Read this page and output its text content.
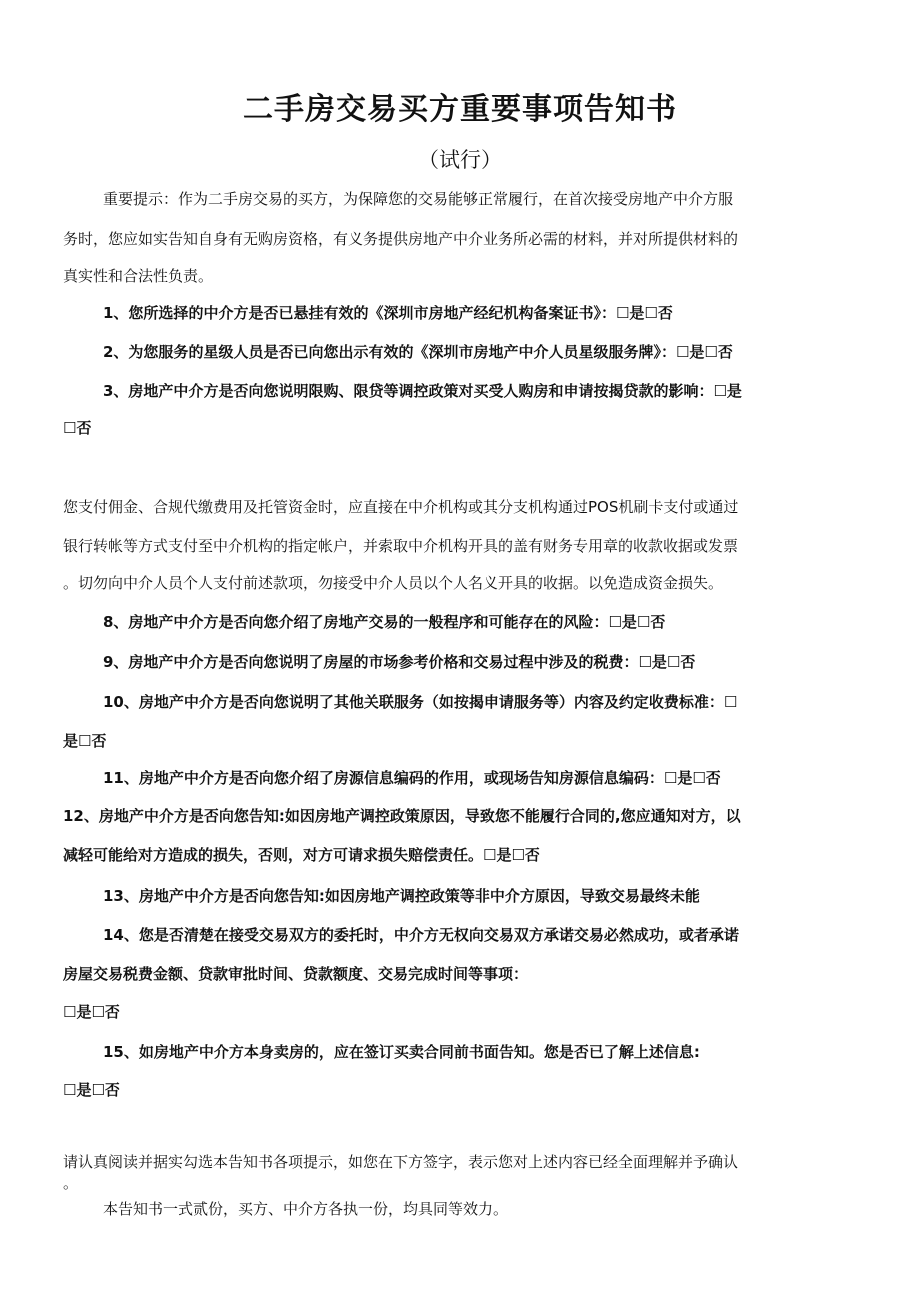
二手房交易买方重要事项告知书
（试行）
重要提示：作为二手房交易的买方，为保障您的交易能够正常履行，在首次接受房地产中介方服
务时，您应如实告知自身有无购房资格，有义务提供房地产中介业务所必需的材料，并对所提供材料的
真实性和合法性负责。
1、您所选择的中介方是否已悬挂有效的《深圳市房地产经纪机构备案证书》：☐是☐否
2、为您服务的星级人员是否已向您出示有效的《深圳市房地产中介人员星级服务牌》：☐是☐否
3、房地产中介方是否向您说明限购、限贷等调控政策对买受人购房和申请按揭贷款的影响：☐是
☐否
您支付佣金、合规代缴费用及托管资金时，应直接在中介机构或其分支机构通过POS机刷卡支付或通过
银行转帐等方式支付至中介机构的指定帐户，并索取中介机构开具的盖有财务专用章的收款收据或发票
。切勿向中介人员个人支付前述款项，勿接受中介人员以个人名义开具的收据。以免造成资金损失。
8、房地产中介方是否向您介绍了房地产交易的一般程序和可能存在的风险：☐是☐否
9、房地产中介方是否向您说明了房屋的市场参考价格和交易过程中涉及的税费：☐是☐否
10、房地产中介方是否向您说明了其他关联服务（如按揭申请服务等）内容及约定收费标准：☐
是☐否
11、房地产中介方是否向您介绍了房源信息编码的作用，或现场告知房源信息编码：☐是☐否
12、房地产中介方是否向您告知:如因房地产调控政策原因，导致您不能履行合同的,您应通知对方，以
减轻可能给对方造成的损失，否则，对方可请求损失赔偿责任。☐是☐否
13、房地产中介方是否向您告知:如因房地产调控政策等非中介方原因，导致交易最终未能
14、您是否清楚在接受交易双方的委托时，中介方无权向交易双方承诺交易必然成功，或者承诺
房屋交易税费金额、贷款审批时间、贷款额度、交易完成时间等事项：
☐是☐否
15、如房地产中介方本身卖房的，应在签订买卖合同前书面告知。您是否已了解上述信息:
☐是☐否
请认真阅读并据实勾选本告知书各项提示，如您在下方签字，表示您对上述内容已经全面理解并予确认
。
本告知书一式贰份，买方、中介方各执一份，均具同等效力。
